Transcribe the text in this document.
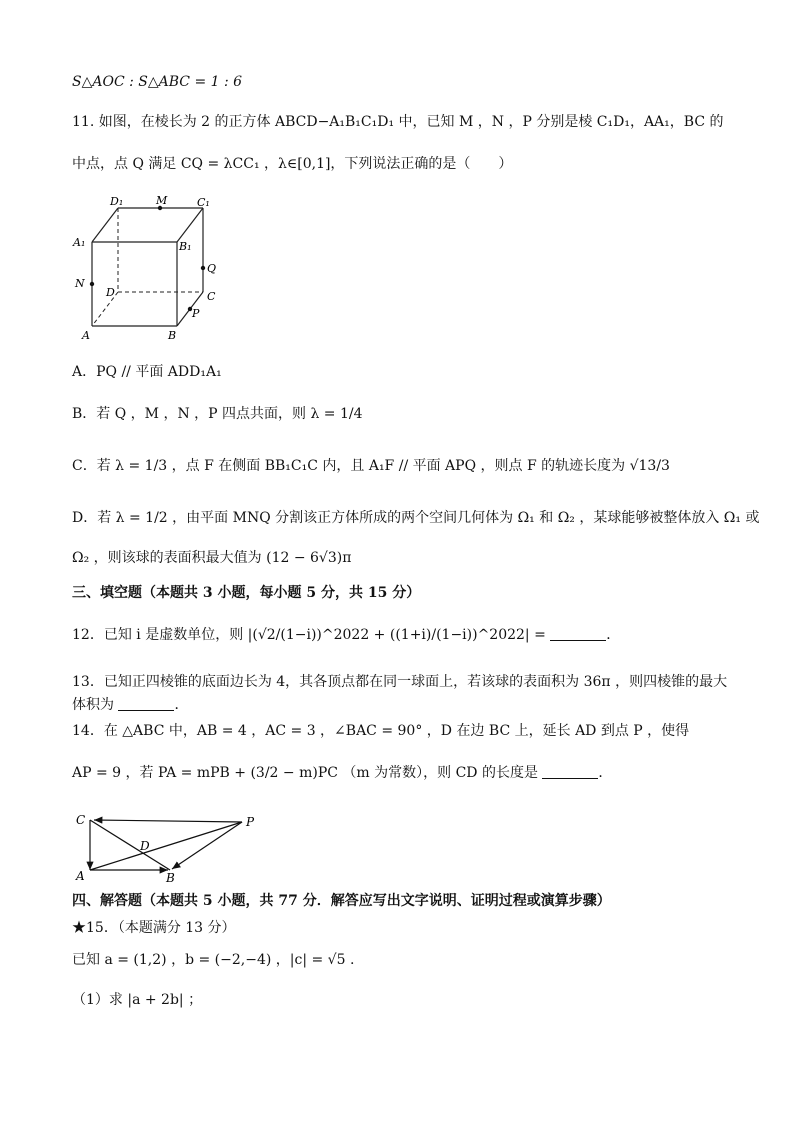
S△AOC : S△ABC = 1 : 6
11. 如图，在棱长为 2 的正方体 ABCD−A₁B₁C₁D₁ 中，已知 M ，N ，P 分别是棱 C₁D₁，AA₁，BC 的
中点，点 Q 满足 CQ = λCC₁ ，λ∈[0,1]，下列说法正确的是（　　）
D₁	M	C₁
A₁	B₁
Q
N
D	C
P
A	B
A．PQ // 平面 ADD₁A₁
B．若 Q ，M ，N ，P 四点共面，则 λ = 1/4
C．若 λ = 1/3 ，点 F 在侧面 BB₁C₁C 内，且 A₁F // 平面 APQ ，则点 F 的轨迹长度为 √13/3
D．若 λ = 1/2 ，由平面 MNQ 分割该正方体所成的两个空间几何体为 Ω₁ 和 Ω₂ ，某球能够被整体放入 Ω₁ 或
Ω₂ ，则该球的表面积最大值为 (12 − 6√3)π
三、填空题（本题共 3 小题，每小题 5 分，共 15 分）
12．已知 i 是虚数单位，则 |(√2/(1−i))^2022 + ((1+i)/(1−i))^2022| =	．
13．已知正四棱锥的底面边长为 4，其各顶点都在同一球面上，若该球的表面积为 36π ，则四棱锥的最大
体积为	．
14．在 △ABC 中，AB = 4 ，AC = 3 ，∠BAC = 90° ，D 在边 BC 上，延长 AD 到点 P ，使得
AP = 9 ，若 PA = mPB + (3/2 − m)PC （m 为常数），则 CD 的长度是	．
C	P
D
A	B
四、解答题（本题共 5 小题，共 77 分．解答应写出文字说明、证明过程或演算步骤）
★15．（本题满分 13 分）
已知 a = (1,2) ，b = (−2,−4) ，|c| = √5 .
（1）求 |a + 2b| ；
